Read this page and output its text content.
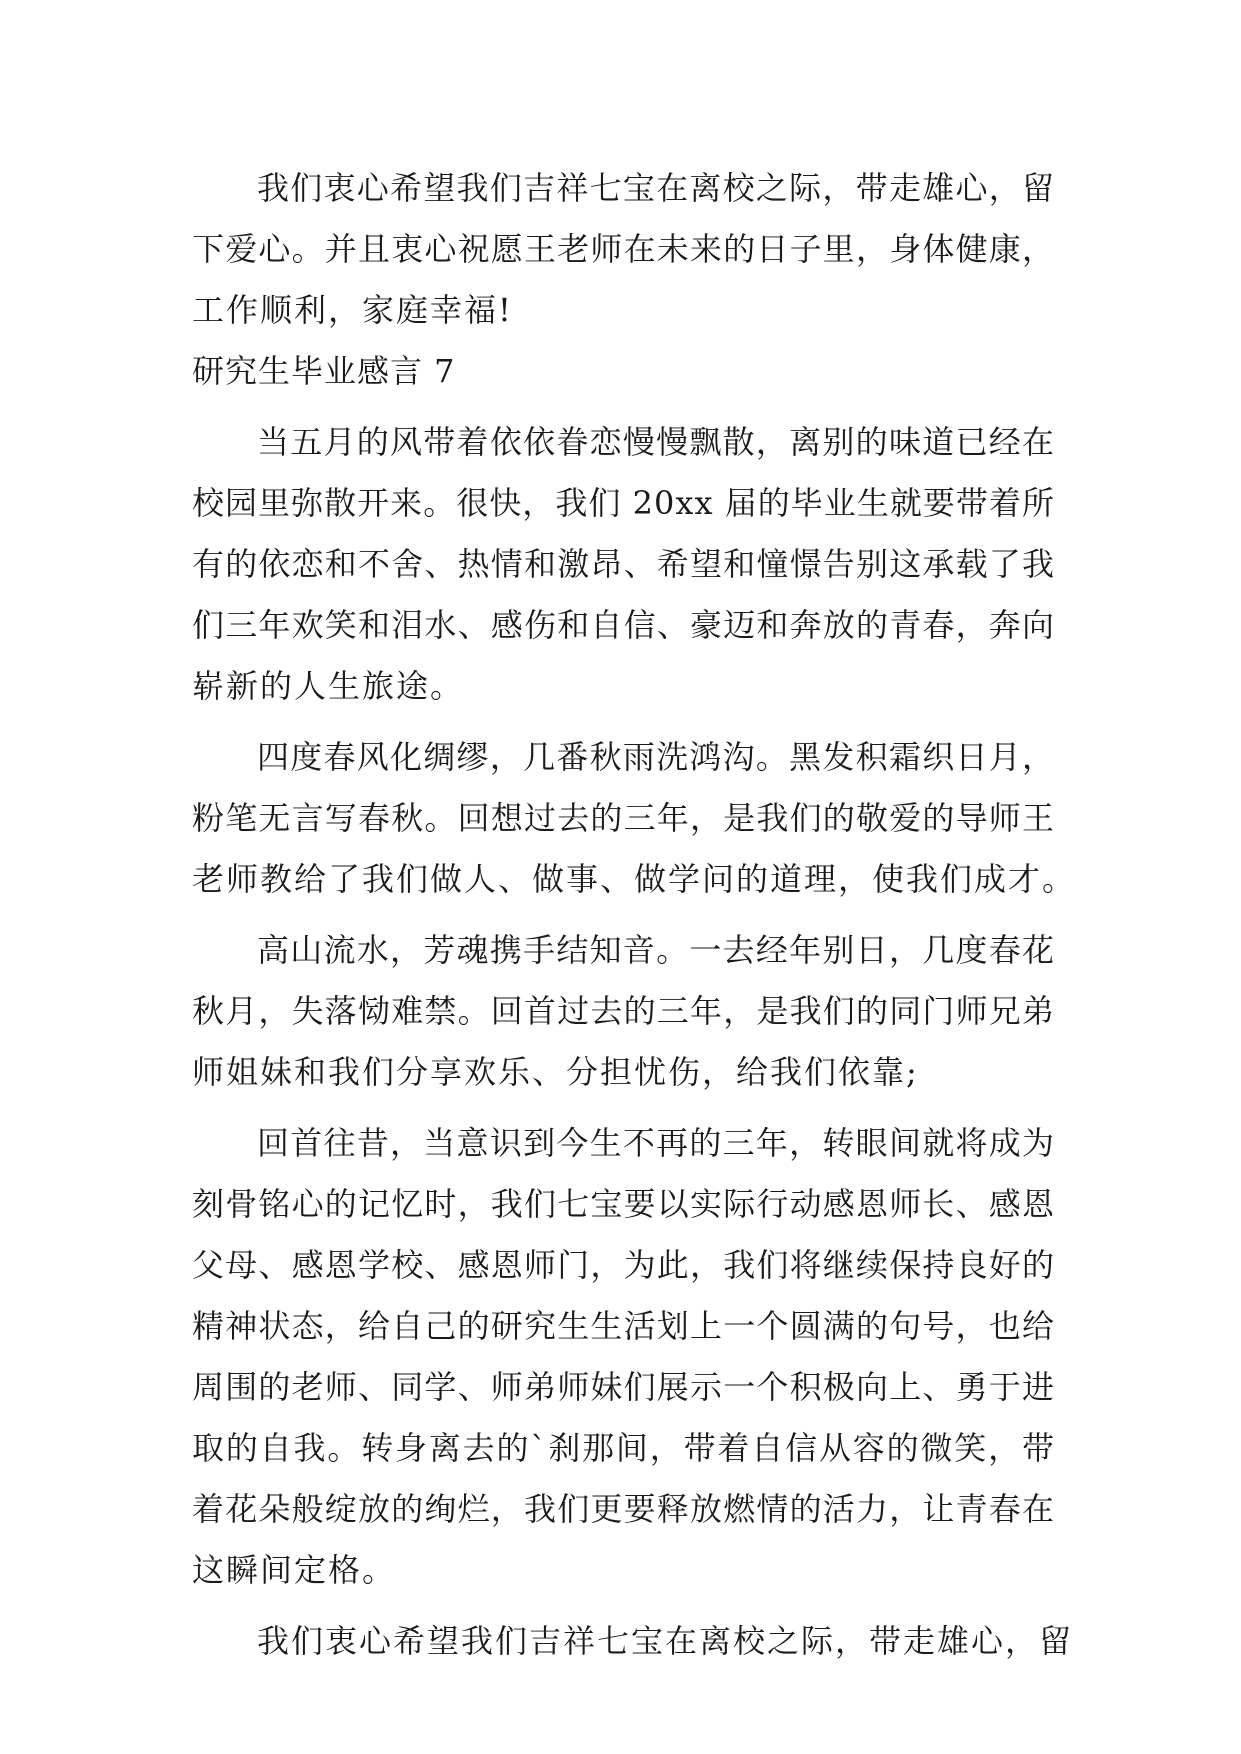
我们衷心希望我们吉祥七宝在离校之际，带走雄心，留
下爱心。并且衷心祝愿王老师在未来的日子里，身体健康，
工作顺利，家庭幸福!
研究生毕业感言 7
当五月的风带着依依眷恋慢慢飘散，离别的味道已经在
校园里弥散开来。很快，我们 20xx 届的毕业生就要带着所
有的依恋和不舍、热情和激昂、希望和憧憬告别这承载了我
们三年欢笑和泪水、感伤和自信、豪迈和奔放的青春，奔向
崭新的人生旅途。
四度春风化绸缪，几番秋雨洗鸿沟。黑发积霜织日月，
粉笔无言写春秋。回想过去的三年，是我们的敬爱的导师王
老师教给了我们做人、做事、做学问的道理，使我们成才。
高山流水，芳魂携手结知音。一去经年别日，几度春花
秋月，失落恸难禁。回首过去的三年，是我们的同门师兄弟
师姐妹和我们分享欢乐、分担忧伤，给我们依靠;
回首往昔，当意识到今生不再的三年，转眼间就将成为
刻骨铭心的记忆时，我们七宝要以实际行动感恩师长、感恩
父母、感恩学校、感恩师门，为此，我们将继续保持良好的
精神状态，给自己的研究生生活划上一个圆满的句号，也给
周围的老师、同学、师弟师妹们展示一个积极向上、勇于进
取的自我。转身离去的`刹那间，带着自信从容的微笑，带
着花朵般绽放的绚烂，我们更要释放燃情的活力，让青春在
这瞬间定格。
我们衷心希望我们吉祥七宝在离校之际，带走雄心，留
